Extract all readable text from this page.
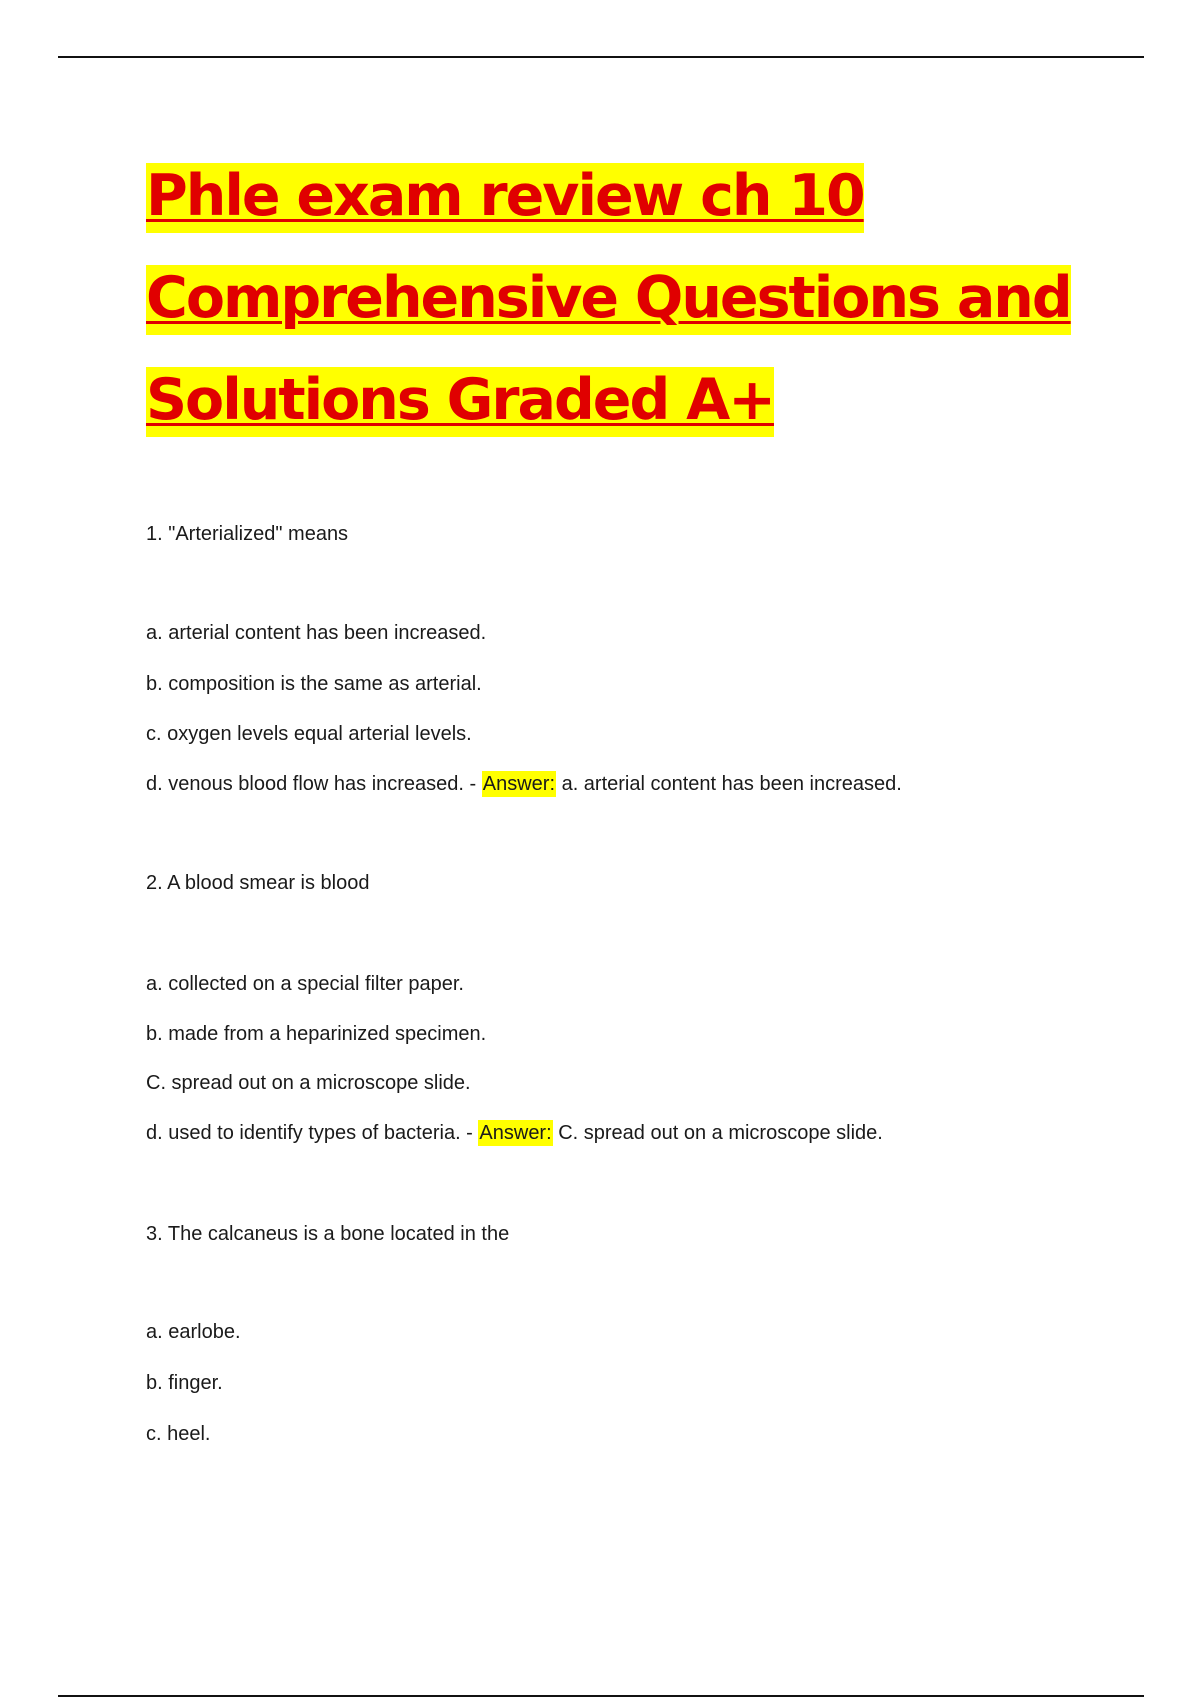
Phle exam review ch 10
Comprehensive Questions and
Solutions Graded A+

1. "Arterialized" means

a. arterial content has been increased.

b. composition is the same as arterial.

c. oxygen levels equal arterial levels.

d. venous blood flow has increased. - Answer: a. arterial content has been increased.

2. A blood smear is blood

a. collected on a special filter paper.

b. made from a heparinized specimen.

C. spread out on a microscope slide.

d. used to identify types of bacteria. - Answer: C. spread out on a microscope slide.

3. The calcaneus is a bone located in the

a. earlobe.

b. finger.

c. heel.
